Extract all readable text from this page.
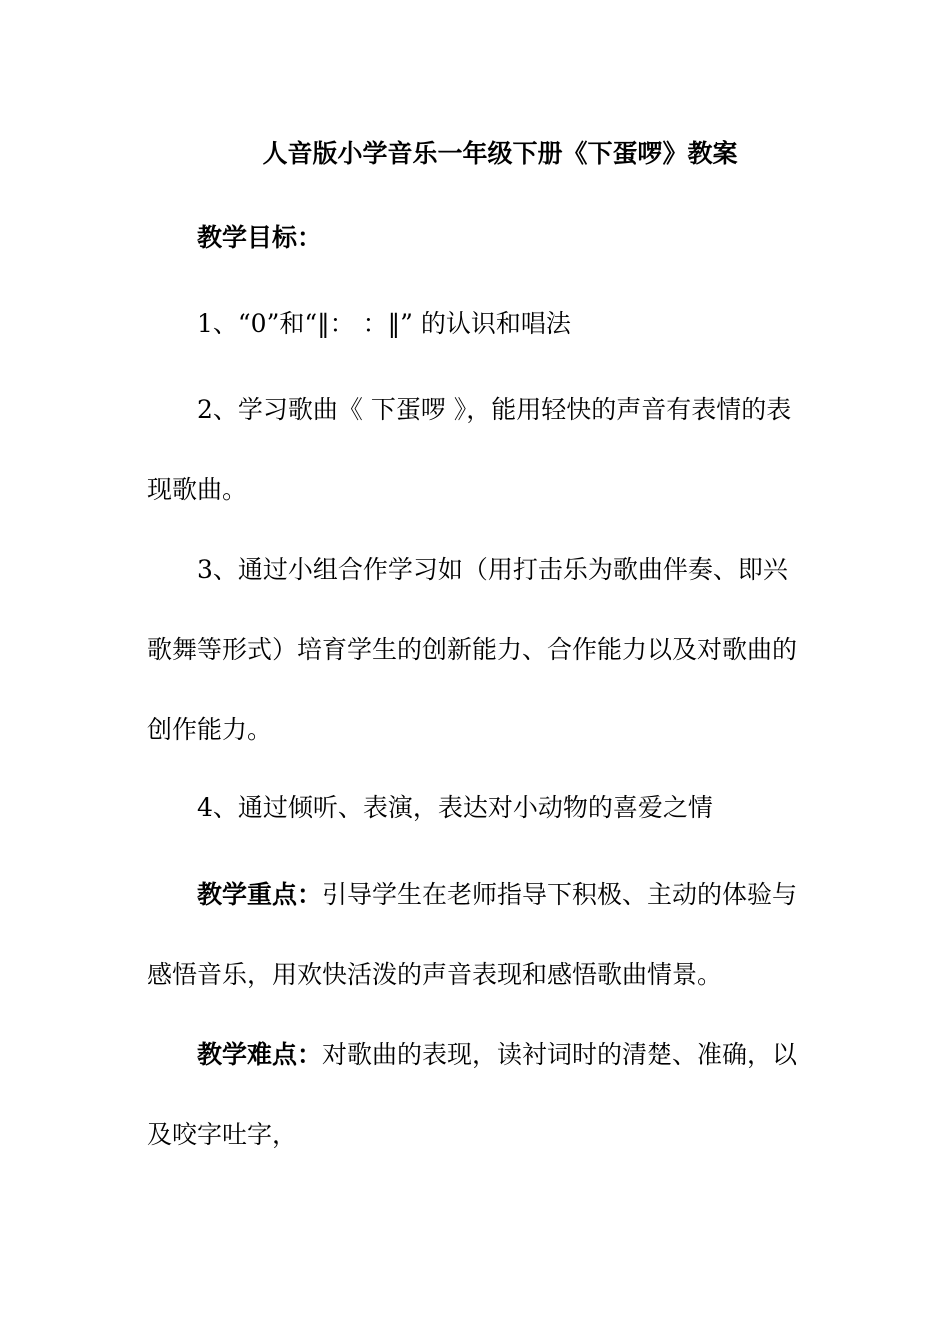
人音版小学音乐一年级下册《下蛋啰》教案

教学目标：

1、“0”和“‖： ：‖” 的认识和唱法

2、学习歌曲《 下蛋啰 》，能用轻快的声音有表情的表现歌曲。

3、通过小组合作学习如（用打击乐为歌曲伴奏、即兴歌舞等形式）培育学生的创新能力、合作能力以及对歌曲的创作能力。

4、通过倾听、表演，表达对小动物的喜爱之情

教学重点：引导学生在老师指导下积极、主动的体验与感悟音乐，用欢快活泼的声音表现和感悟歌曲情景。

教学难点：对歌曲的表现，读衬词时的清楚、准确，以及咬字吐字，
